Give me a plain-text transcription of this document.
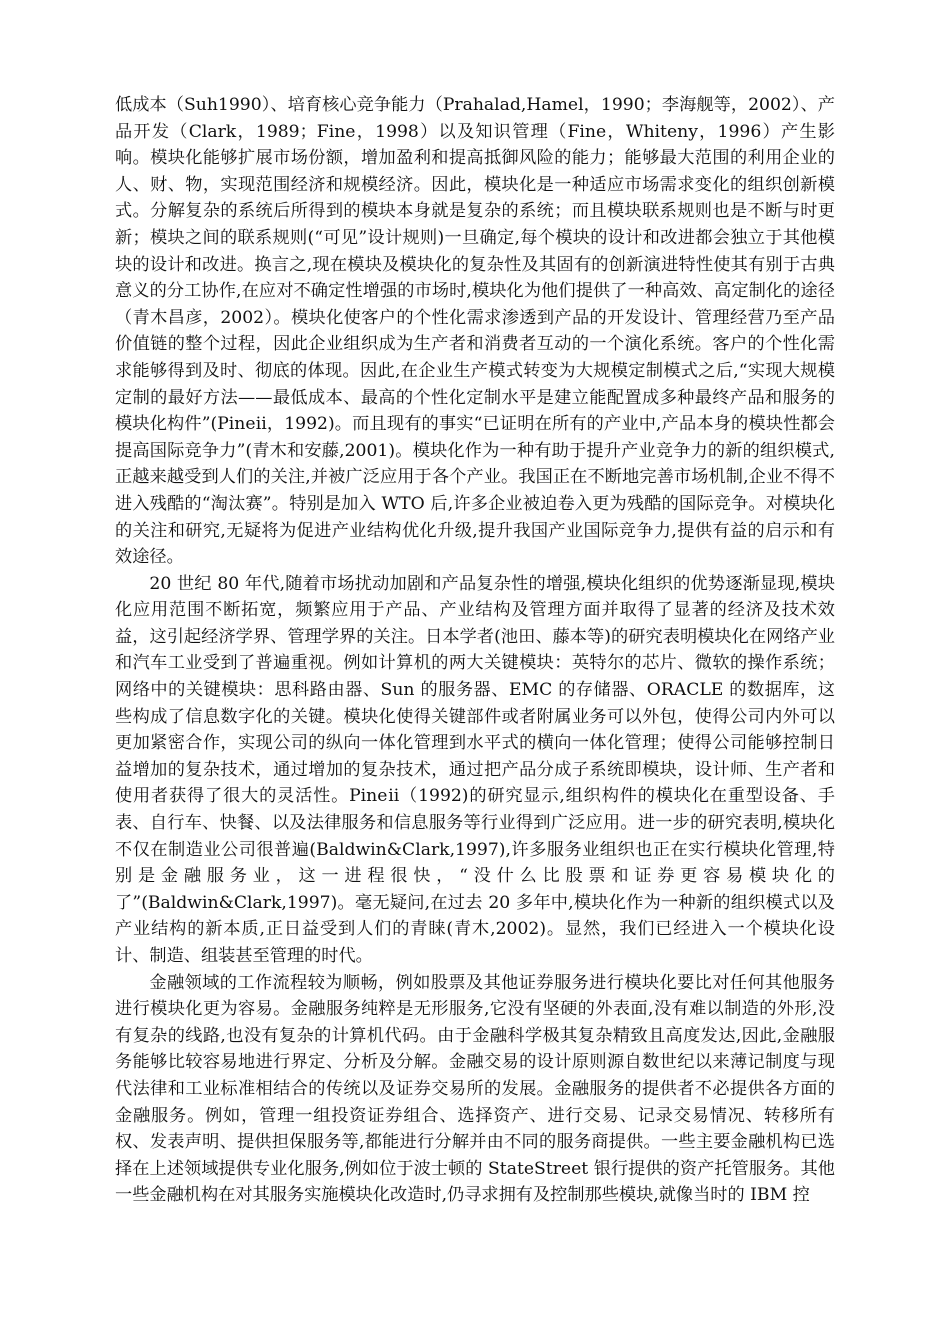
低成本（Suh1990）、培育核心竞争能力（Prahalad,Hamel，1990；李海舰等，2002）、产品开发（Clark，1989；Fine，1998）以及知识管理（Fine，Whiteny，1996）产生影响。模块化能够扩展市场份额，增加盈利和提高抵御风险的能力；能够最大范围的利用企业的人、财、物，实现范围经济和规模经济。因此，模块化是一种适应市场需求变化的组织创新模式。分解复杂的系统后所得到的模块本身就是复杂的系统；而且模块联系规则也是不断与时更新；模块之间的联系规则(“可见”设计规则)一旦确定,每个模块的设计和改进都会独立于其他模块的设计和改进。换言之,现在模块及模块化的复杂性及其固有的创新演进特性使其有别于古典意义的分工协作,在应对不确定性增强的市场时,模块化为他们提供了一种高效、高定制化的途径（青木昌彦，2002）。模块化使客户的个性化需求渗透到产品的开发设计、管理经营乃至产品价值链的整个过程，因此企业组织成为生产者和消费者互动的一个演化系统。客户的个性化需求能够得到及时、彻底的体现。因此,在企业生产模式转变为大规模定制模式之后,“实现大规模定制的最好方法——最低成本、最高的个性化定制水平是建立能配置成多种最终产品和服务的模块化构件”(Pineⅱ，1992)。而且现有的事实“已证明在所有的产业中,产品本身的模块性都会提高国际竞争力”(青木和安藤,2001)。模块化作为一种有助于提升产业竞争力的新的组织模式,正越来越受到人们的关注,并被广泛应用于各个产业。我国正在不断地完善市场机制,企业不得不进入残酷的“淘汰赛”。特别是加入 WTO 后,许多企业被迫卷入更为残酷的国际竞争。对模块化的关注和研究,无疑将为促进产业结构优化升级,提升我国产业国际竞争力,提供有益的启示和有效途径。

20 世纪 80 年代,随着市场扰动加剧和产品复杂性的增强,模块化组织的优势逐渐显现,模块化应用范围不断拓宽，频繁应用于产品、产业结构及管理方面并取得了显著的经济及技术效益，这引起经济学界、管理学界的关注。日本学者(池田、藤本等)的研究表明模块化在网络产业和汽车工业受到了普遍重视。例如计算机的两大关键模块：英特尔的芯片、微软的操作系统；网络中的关键模块：思科路由器、Sun 的服务器、EMC 的存储器、ORACLE 的数据库，这些构成了信息数字化的关键。模块化使得关键部件或者附属业务可以外包，使得公司内外可以更加紧密合作，实现公司的纵向一体化管理到水平式的横向一体化管理；使得公司能够控制日益增加的复杂技术，通过增加的复杂技术，通过把产品分成子系统即模块，设计师、生产者和使用者获得了很大的灵活性。Pineⅱ（1992)的研究显示,组织构件的模块化在重型设备、手表、自行车、快餐、以及法律服务和信息服务等行业得到广泛应用。进一步的研究表明,模块化不仅在制造业公司很普遍(Baldwin&Clark,1997),许多服务业组织也正在实行模块化管理,特别是金融服务业，这一进程很快，“没什么比股票和证券更容易模块化的了”(Baldwin&Clark,1997)。毫无疑问,在过去 20 多年中,模块化作为一种新的组织模式以及产业结构的新本质,正日益受到人们的青睐(青木,2002)。显然，我们已经进入一个模块化设计、制造、组装甚至管理的时代。

金融领域的工作流程较为顺畅，例如股票及其他证券服务进行模块化要比对任何其他服务进行模块化更为容易。金融服务纯粹是无形服务,它没有坚硬的外表面,没有难以制造的外形,没有复杂的线路,也没有复杂的计算机代码。由于金融科学极其复杂精致且高度发达,因此,金融服务能够比较容易地进行界定、分析及分解。金融交易的设计原则源自数世纪以来薄记制度与现代法律和工业标准相结合的传统以及证券交易所的发展。金融服务的提供者不必提供各方面的金融服务。例如，管理一组投资证券组合、选择资产、进行交易、记录交易情况、转移所有权、发表声明、提供担保服务等,都能进行分解并由不同的服务商提供。一些主要金融机构已选择在上述领域提供专业化服务,例如位于波士顿的 StateStreet 银行提供的资产托管服务。其他一些金融机构在对其服务实施模块化改造时,仍寻求拥有及控制那些模块,就像当时的 IBM 控
